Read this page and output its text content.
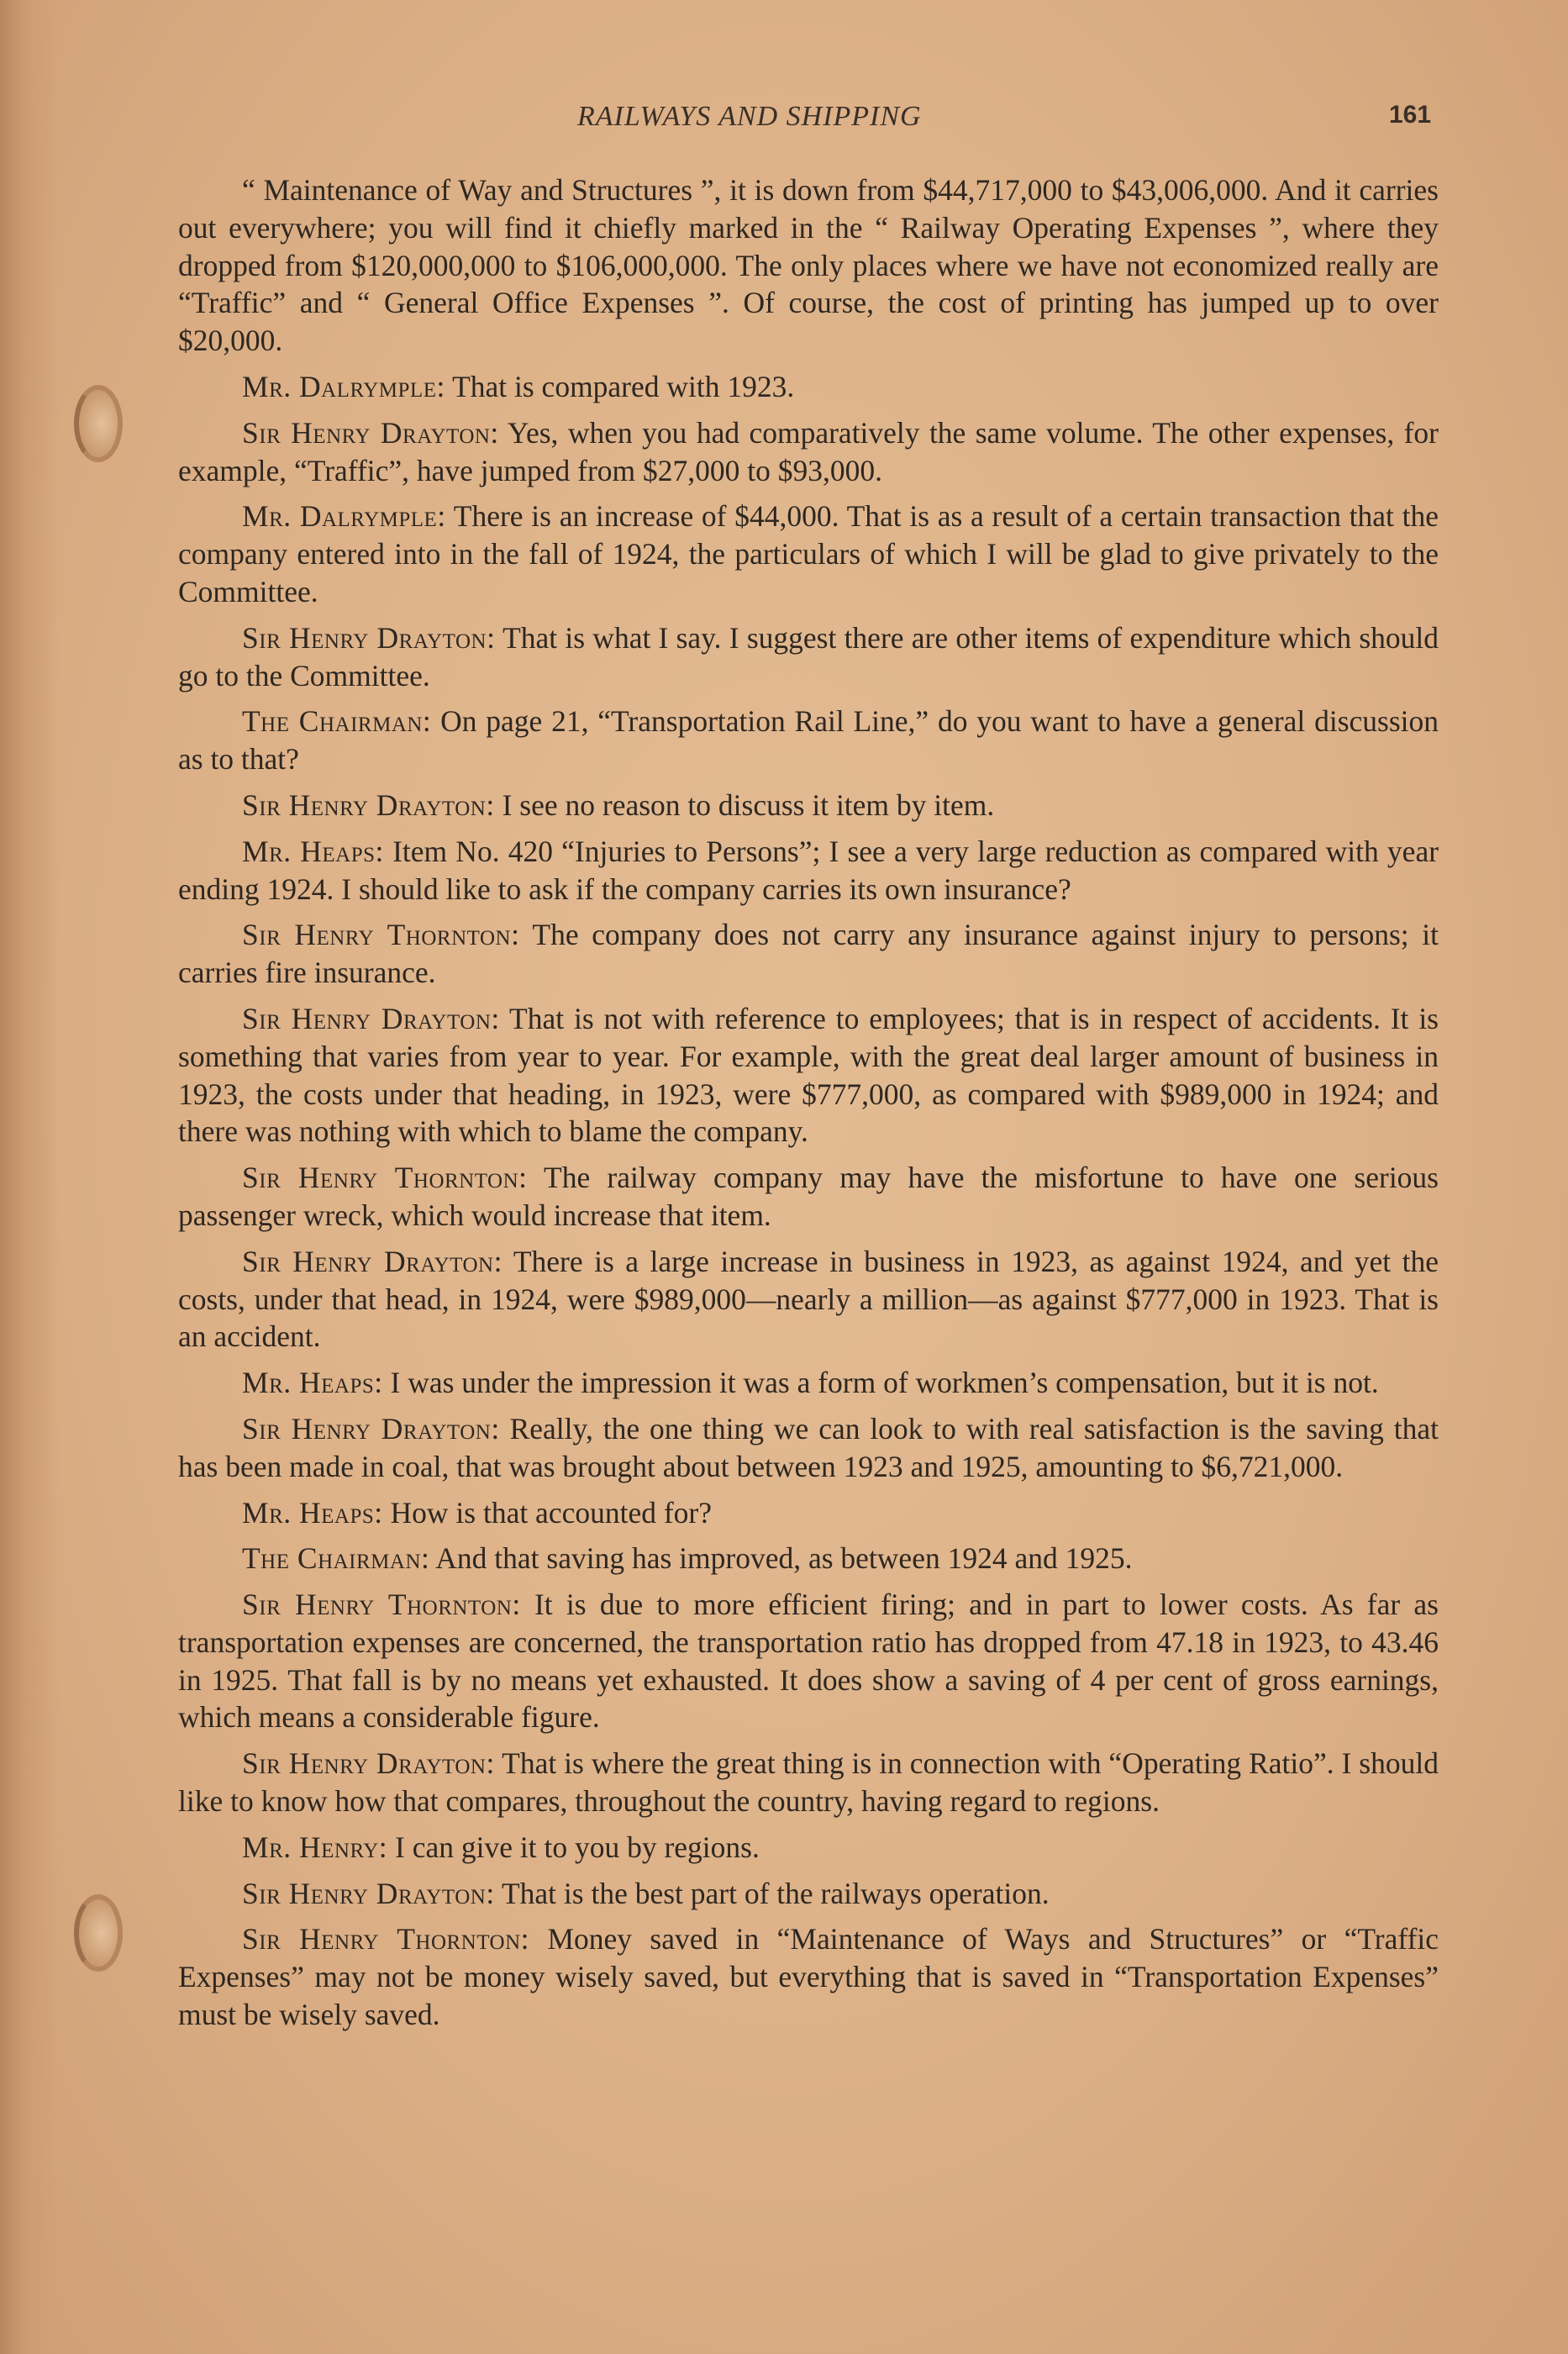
RAILWAYS AND SHIPPING	161

“ Maintenance of Way and Structures ”, it is down from $44,717,000 to $43,006,000. And it carries out everywhere; you will find it chiefly marked in the “ Railway Operating Expenses ”, where they dropped from $120,000,000 to $106,000,000. The only places where we have not economized really are “Traffic” and “ General Office Expenses ”. Of course, the cost of printing has jumped up to over $20,000.

Mr. Dalrymple: That is compared with 1923.

Sir Henry Drayton: Yes, when you had comparatively the same volume. The other expenses, for example, “Traffic”, have jumped from $27,000 to $93,000.

Mr. Dalrymple: There is an increase of $44,000. That is as a result of a certain transaction that the company entered into in the fall of 1924, the particulars of which I will be glad to give privately to the Committee.

Sir Henry Drayton: That is what I say. I suggest there are other items of expenditure which should go to the Committee.

The Chairman: On page 21, “Transportation Rail Line,” do you want to have a general discussion as to that?

Sir Henry Drayton: I see no reason to discuss it item by item.

Mr. Heaps: Item No. 420 “Injuries to Persons”; I see a very large reduction as compared with year ending 1924. I should like to ask if the company carries its own insurance?

Sir Henry Thornton: The company does not carry any insurance against injury to persons; it carries fire insurance.

Sir Henry Drayton: That is not with reference to employees; that is in respect of accidents. It is something that varies from year to year. For example, with the great deal larger amount of business in 1923, the costs under that heading, in 1923, were $777,000, as compared with $989,000 in 1924; and there was nothing with which to blame the company.

Sir Henry Thornton: The railway company may have the misfortune to have one serious passenger wreck, which would increase that item.

Sir Henry Drayton: There is a large increase in business in 1923, as against 1924, and yet the costs, under that head, in 1924, were $989,000—nearly a million—as against $777,000 in 1923. That is an accident.

Mr. Heaps: I was under the impression it was a form of workmen’s compensation, but it is not.

Sir Henry Drayton: Really, the one thing we can look to with real satisfaction is the saving that has been made in coal, that was brought about between 1923 and 1925, amounting to $6,721,000.

Mr. Heaps: How is that accounted for?

The Chairman: And that saving has improved, as between 1924 and 1925.

Sir Henry Thornton: It is due to more efficient firing; and in part to lower costs. As far as transportation expenses are concerned, the transportation ratio has dropped from 47.18 in 1923, to 43.46 in 1925. That fall is by no means yet exhausted. It does show a saving of 4 per cent of gross earnings, which means a considerable figure.

Sir Henry Drayton: That is where the great thing is in connection with “Operating Ratio”. I should like to know how that compares, throughout the country, having regard to regions.

Mr. Henry: I can give it to you by regions.

Sir Henry Drayton: That is the best part of the railways operation.

Sir Henry Thornton: Money saved in “Maintenance of Ways and Structures” or “Traffic Expenses” may not be money wisely saved, but everything that is saved in “Transportation Expenses” must be wisely saved.
